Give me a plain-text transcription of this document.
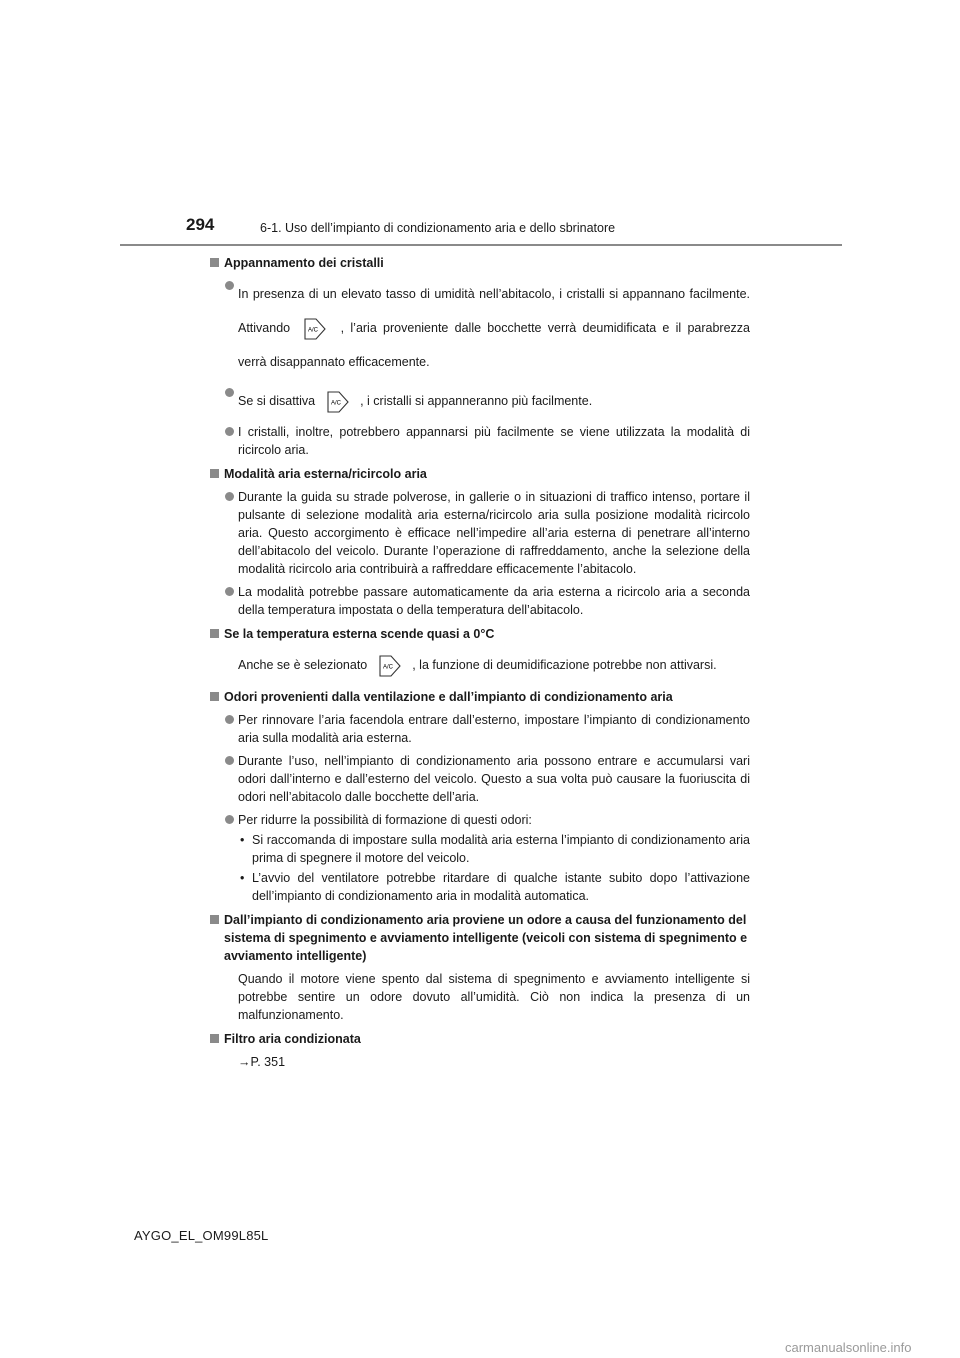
294	6-1. Uso dell’impianto di condizionamento aria e dello sbrinatore
Appannamento dei cristalli
In presenza di un elevato tasso di umidità nell’abitacolo, i cristalli si appannano facilmente. Attivando	A/C , l’aria proveniente dalle bocchette verrà deumidificata e il parabrezza verrà disappannato efficacemente.
Se si disattiva	A/C , i cristalli si appanneranno più facilmente.
I cristalli, inoltre, potrebbero appannarsi più facilmente se viene utilizzata la modalità di ricircolo aria.
Modalità aria esterna/ricircolo aria
Durante la guida su strade polverose, in gallerie o in situazioni di traffico intenso, portare il pulsante di selezione modalità aria esterna/ricircolo aria sulla posizione modalità ricircolo aria. Questo accorgimento è efficace nell’impedire all’aria esterna di penetrare all’interno dell’abitacolo del veicolo. Durante l’operazione di raffreddamento, anche la selezione della modalità ricircolo aria contribuirà a raffreddare efficacemente l’abitacolo.
La modalità potrebbe passare automaticamente da aria esterna a ricircolo aria a seconda della temperatura impostata o della temperatura dell’abitacolo.
Se la temperatura esterna scende quasi a 0°C
Anche se è selezionato	A/C , la funzione di deumidificazione potrebbe non attivarsi.
Odori provenienti dalla ventilazione e dall’impianto di condizionamento aria
Per rinnovare l’aria facendola entrare dall’esterno, impostare l’impianto di condizionamento aria sulla modalità aria esterna.
Durante l’uso, nell’impianto di condizionamento aria possono entrare e accumularsi vari odori dall’interno e dall’esterno del veicolo. Questo a sua volta può causare la fuoriuscita di odori nell’abitacolo dalle bocchette dell’aria.
Per ridurre la possibilità di formazione di questi odori:
• Si raccomanda di impostare sulla modalità aria esterna l’impianto di condizionamento aria prima di spegnere il motore del veicolo.
• L’avvio del ventilatore potrebbe ritardare di qualche istante subito dopo l’attivazione dell’impianto di condizionamento aria in modalità automatica.
Dall’impianto di condizionamento aria proviene un odore a causa del funzionamento del sistema di spegnimento e avviamento intelligente (veicoli con sistema di spegnimento e avviamento intelligente)
Quando il motore viene spento dal sistema di spegnimento e avviamento intelligente si potrebbe sentire un odore dovuto all’umidità. Ciò non indica la presenza di un malfunzionamento.
Filtro aria condizionata
→P. 351
AYGO_EL_OM99L85L
carmanualsonline.info
